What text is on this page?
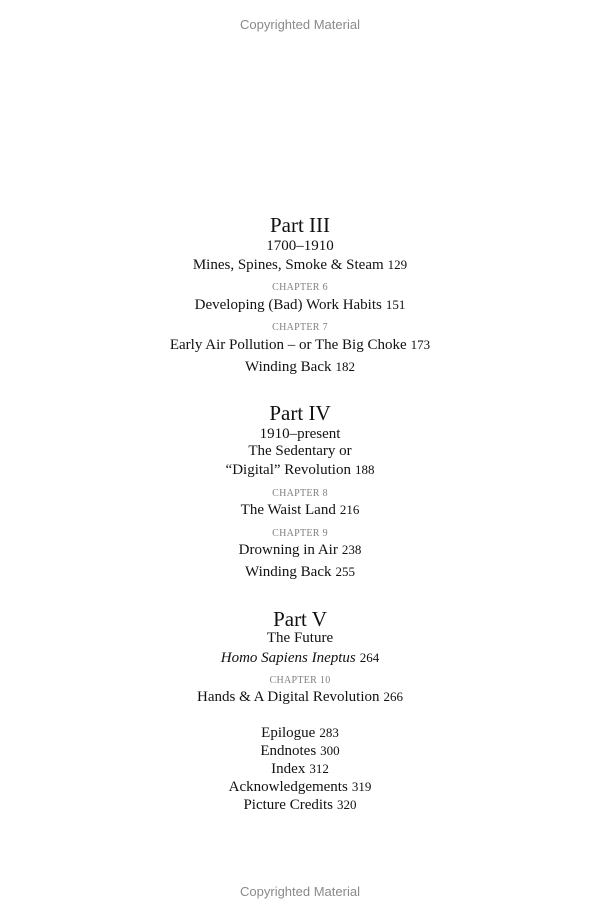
Copyrighted Material
Part III
1700–1910
Mines, Spines, Smoke & Steam 129
CHAPTER 6
Developing (Bad) Work Habits 151
CHAPTER 7
Early Air Pollution – or The Big Choke 173
Winding Back 182
Part IV
1910–present
The Sedentary or
“Digital” Revolution 188
CHAPTER 8
The Waist Land 216
CHAPTER 9
Drowning in Air 238
Winding Back 255
Part V
The Future
Homo Sapiens Ineptus 264
CHAPTER 10
Hands & A Digital Revolution 266
Epilogue 283
Endnotes 300
Index 312
Acknowledgements 319
Picture Credits 320
Copyrighted Material
